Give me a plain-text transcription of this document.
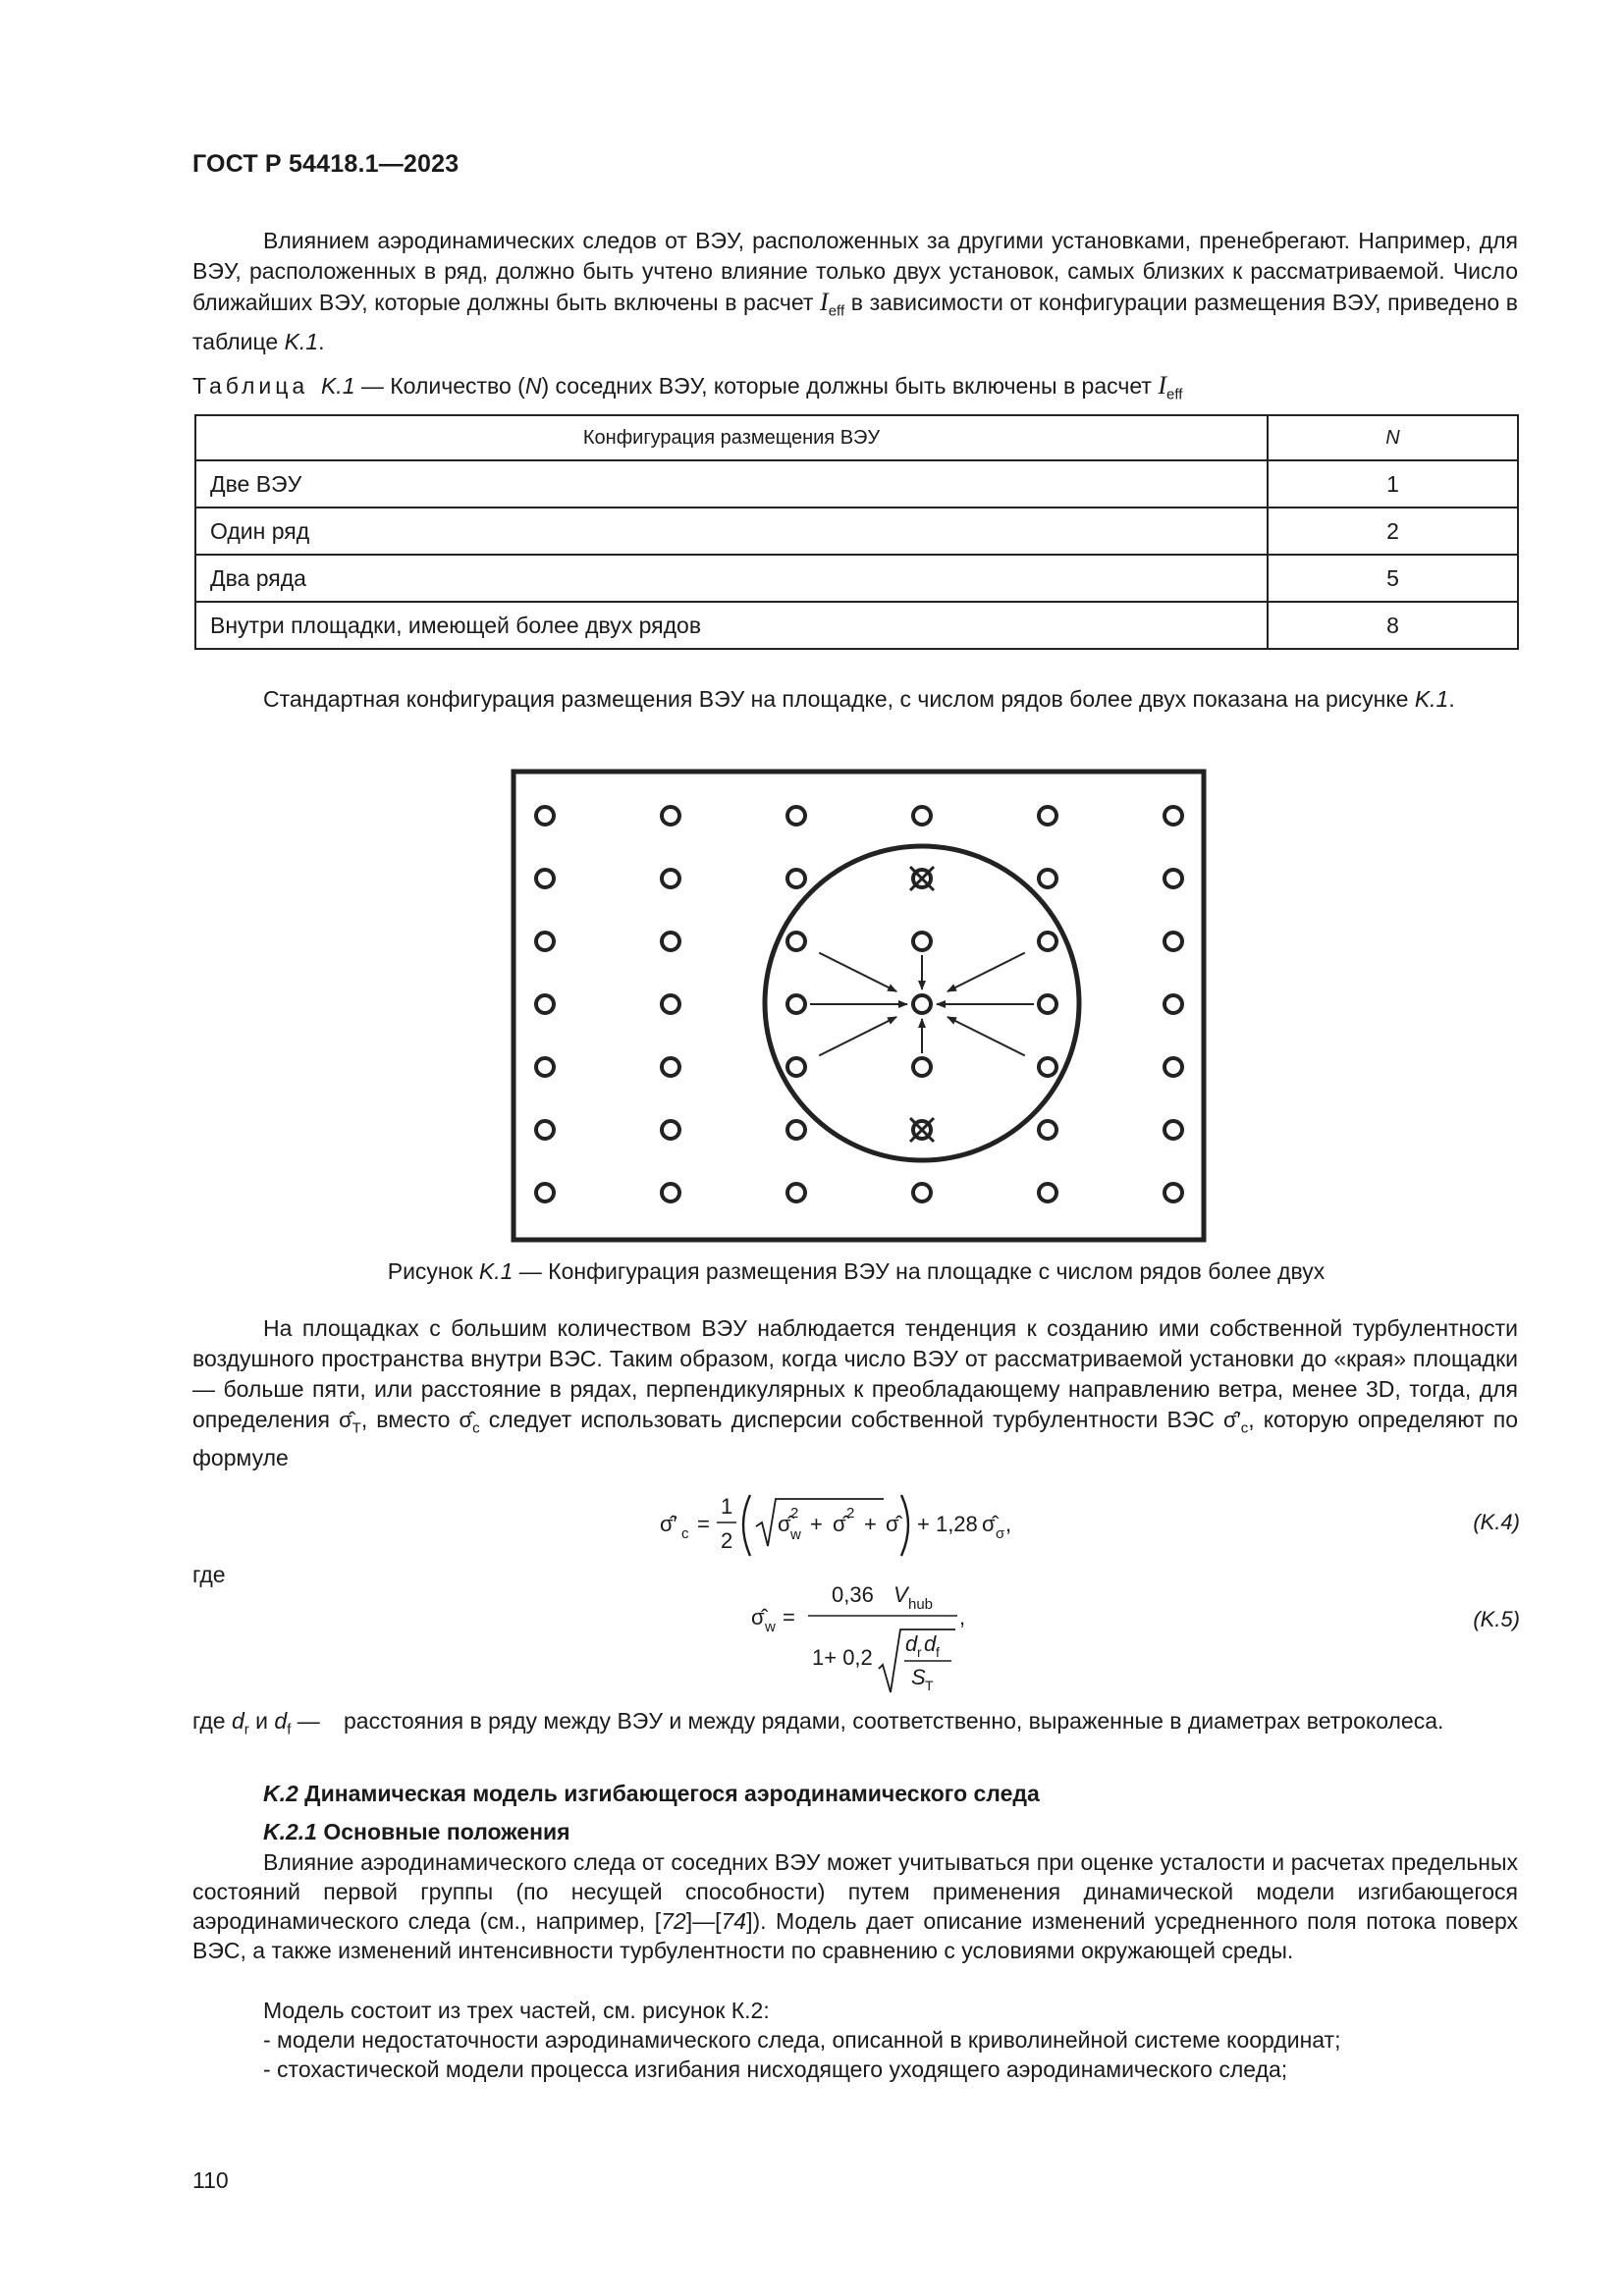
ГОСТ Р 54418.1—2023
Влиянием аэродинамических следов от ВЭУ, расположенных за другими установками, пренебрегают. Например, для ВЭУ, расположенных в ряд, должно быть учтено влияние только двух установок, самых близких к рассматриваемой. Число ближайших ВЭУ, которые должны быть включены в расчет $I_{eff}$ в зависимости от конфигурации размещения ВЭУ, приведено в таблице K.1.
Таблица K.1 — Количество (N) соседних ВЭУ, которые должны быть включены в расчет $I_{eff}$
Конфигурация размещения ВЭУ	N
Две ВЭУ	1
Один ряд	2
Два ряда	5
Внутри площадки, имеющей более двух рядов	8
Стандартная конфигурация размещения ВЭУ на площадке, с числом рядов более двух показана на рисунке K.1.
Рисунок K.1 — Конфигурация размещения ВЭУ на площадке с числом рядов более двух
На площадках с большим количеством ВЭУ наблюдается тенденция к созданию ими собственной турбулентности воздушного пространства внутри ВЭС. Таким образом, когда число ВЭУ от рассматриваемой установки до «края» площадки — больше пяти, или расстояние в рядах, перпендикулярных к преобладающему направлению ветра, менее 3D, тогда, для определения $\sigmâ_T$, вместо $\sigmâ_c$ следует использовать дисперсии собственной турбулентности ВЭС $\sigmâ'_c$, которую определяют по формуле
σ̂′ c =
1
2
σ̂ 2
w + σ̂ 2 + σ̂ + 1,28 σ̂ σ ,	(K.4)
где
σ̂ w =
0,36 V hub
,
1+ 0,2
d r d f
S T
(K.5)
где $d_r$ и $d_f$ — расстояния в ряду между ВЭУ и между рядами, соответственно, выраженные в диаметрах ветроколеса.
K.2 Динамическая модель изгибающегося аэродинамического следа
K.2.1 Основные положения
Влияние аэродинамического следа от соседних ВЭУ может учитываться при оценке усталости и расчетах предельных состояний первой группы (по несущей способности) путем применения динамической модели изгибающегося аэродинамического следа (см., например, [72]—[74]). Модель дает описание изменений усредненного поля потока поверх ВЭС, а также изменений интенсивности турбулентности по сравнению с условиями окружающей среды.
Модель состоит из трех частей, см. рисунок К.2:
- модели недостаточности аэродинамического следа, описанной в криволинейной системе координат;
- стохастической модели процесса изгибания нисходящего уходящего аэродинамического следа;
110
